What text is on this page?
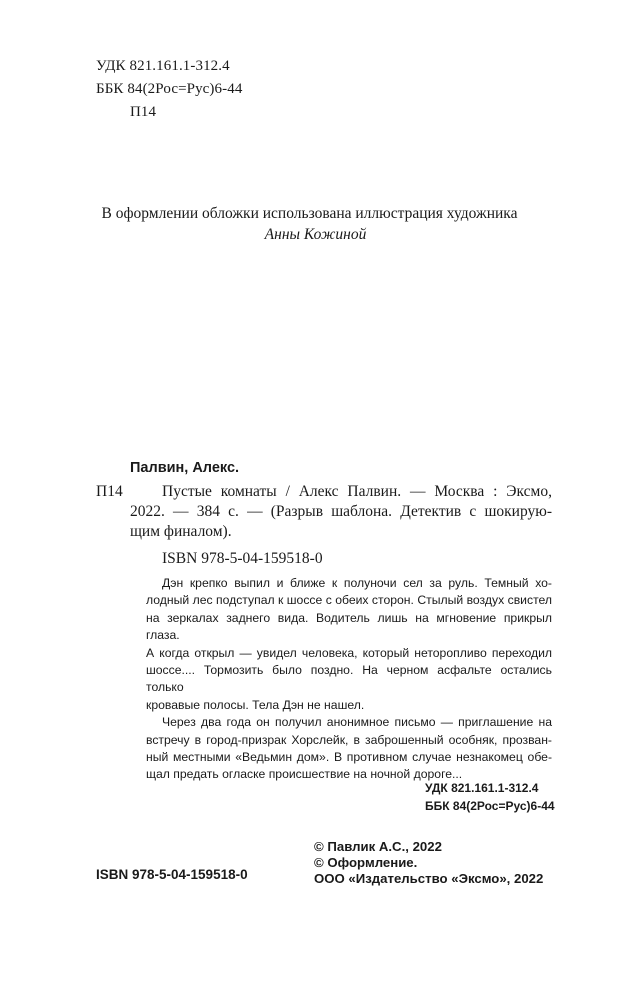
УДК 821.161.1-312.4
ББК 84(2Рос=Рус)6-44
П14
В оформлении обложки использована иллюстрация художника
Анны Кожиной
Палвин, Алекс.
П14	Пустые комнаты / Алекс Палвин. — Москва : Эксмо,
2022. — 384 с. — (Разрыв шаблона. Детектив с шокирую-
щим финалом).
ISBN 978-5-04-159518-0

Дэн крепко выпил и ближе к полуночи сел за руль. Темный хо-
лодный лес подступал к шоссе с обеих сторон. Стылый воздух свистел
на зеркалах заднего вида. Водитель лишь на мгновение прикрыл глаза.
А когда открыл — увидел человека, который неторопливо переходил
шоссе.... Тормозить было поздно. На черном асфальте остались только
кровавые полосы. Тела Дэн не нашел.

Через два года он получил анонимное письмо — приглашение на
встречу в город-призрак Хорслейк, в заброшенный особняк, прозван-
ный местными «Ведьмин дом». В противном случае незнакомец обе-
щал предать огласке происшествие на ночной дороге...

УДК 821.161.1-312.4
ББК 84(2Рос=Рус)6-44
ISBN 978-5-04-159518-0
© Павлик А.С., 2022
© Оформление.
ООО «Издательство «Эксмо», 2022
